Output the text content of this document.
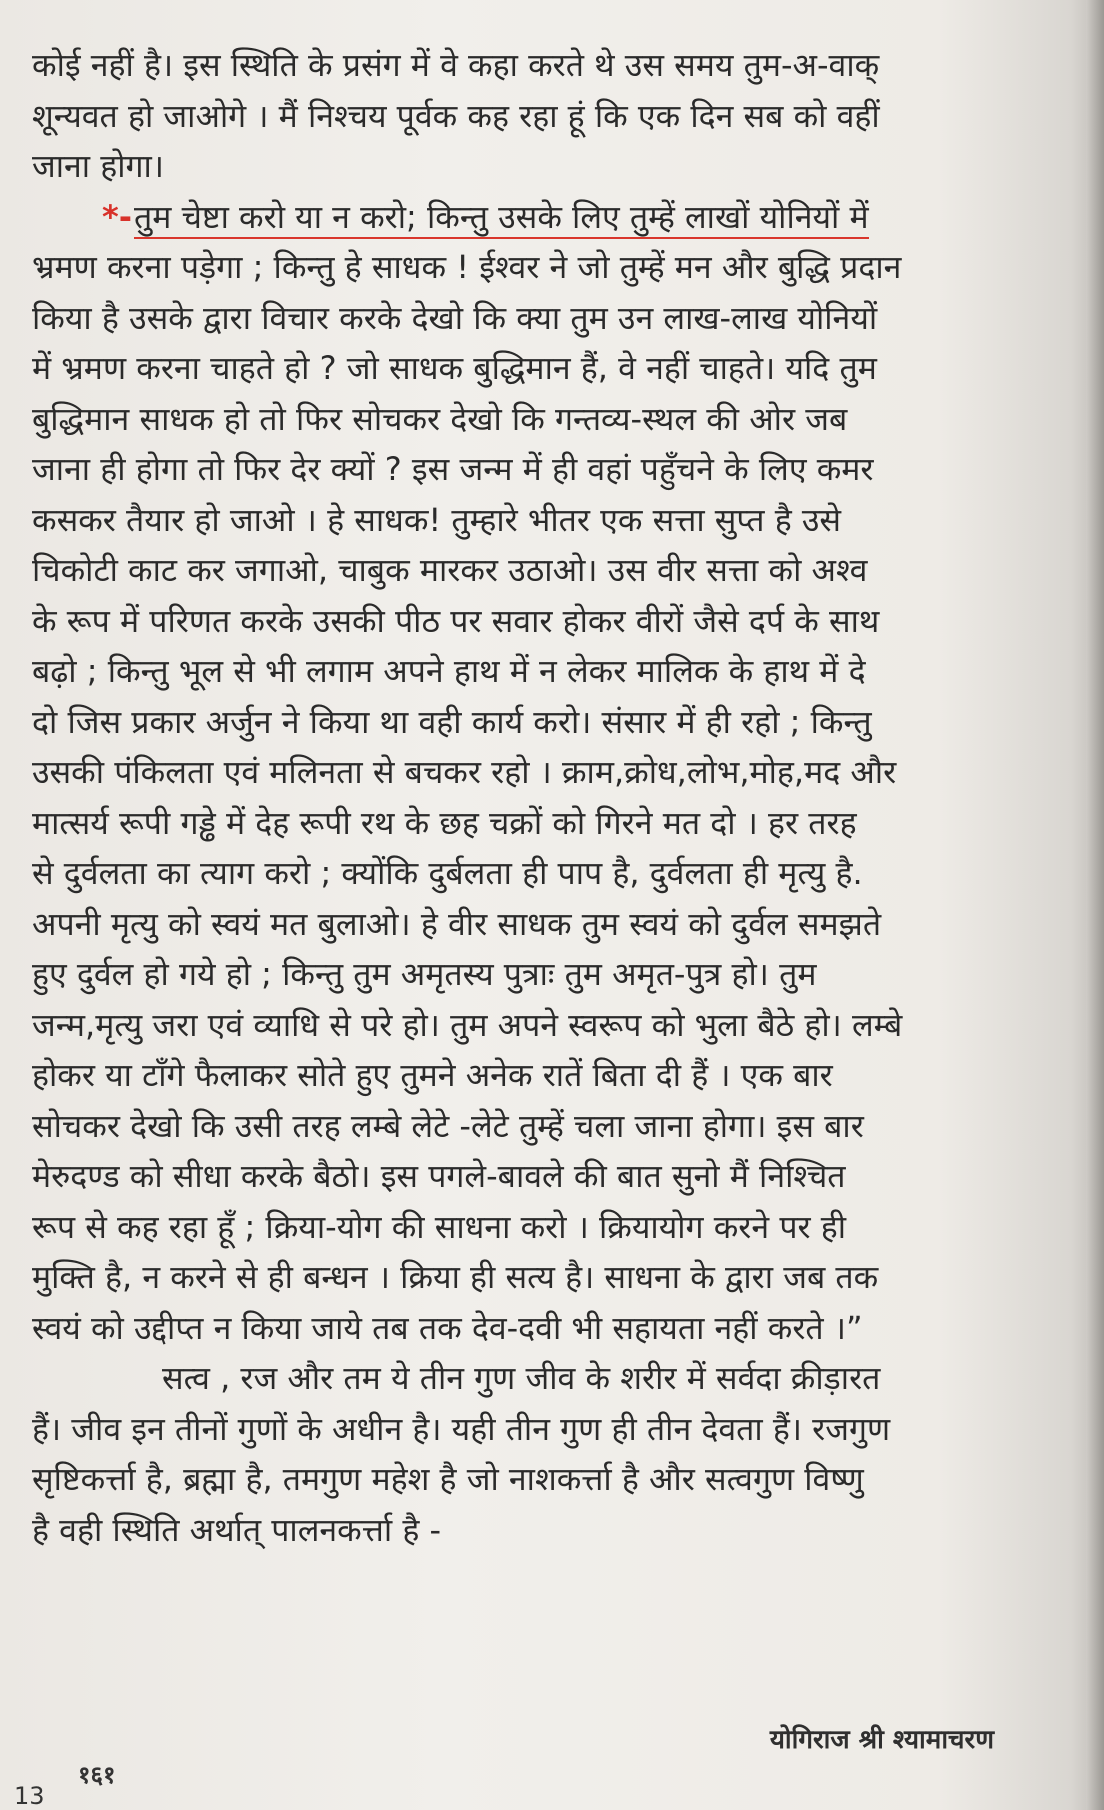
कोई नहीं है। इस स्थिति के प्रसंग में वे कहा करते थे उस समय तुम-अ-वाक्
शून्यवत हो जाओगे । मैं निश्चय पूर्वक कह रहा हूं कि एक दिन सब को वहीं
जाना होगा।
*-तुम चेष्टा करो या न करो; किन्तु उसके लिए तुम्हें लाखों योनियों में
भ्रमण करना पड़ेगा ; किन्तु हे साधक ! ईश्वर ने जो तुम्हें मन और बुद्धि प्रदान
किया है उसके द्वारा विचार करके देखो कि क्या तुम उन लाख-लाख योनियों
में भ्रमण करना चाहते हो ? जो साधक बुद्धिमान हैं, वे नहीं चाहते। यदि तुम
बुद्धिमान साधक हो तो फिर सोचकर देखो कि गन्तव्य-स्थल की ओर जब
जाना ही होगा तो फिर देर क्यों ? इस जन्म में ही वहां पहुँचने के लिए कमर
कसकर तैयार हो जाओ । हे साधक! तुम्हारे भीतर एक सत्ता सुप्त है उसे
चिकोटी काट कर जगाओ, चाबुक मारकर उठाओ। उस वीर सत्ता को अश्व
के रूप में परिणत करके उसकी पीठ पर सवार होकर वीरों जैसे दर्प के साथ
बढ़ो ; किन्तु भूल से भी लगाम अपने हाथ में न लेकर मालिक के हाथ में दे
दो जिस प्रकार अर्जुन ने किया था वही कार्य करो। संसार में ही रहो ; किन्तु
उसकी पंकिलता एवं मलिनता से बचकर रहो । क्राम,क्रोध,लोभ,मोह,मद और
मात्सर्य रूपी गड्ढे में देह रूपी रथ के छह चक्रों को गिरने मत दो । हर तरह
से दुर्वलता का त्याग करो ; क्योंकि दुर्बलता ही पाप है, दुर्वलता ही मृत्यु है.
अपनी मृत्यु को स्वयं मत बुलाओ। हे वीर साधक तुम स्वयं को दुर्वल समझते
हुए दुर्वल हो गये हो ; किन्तु तुम अमृतस्य पुत्राः तुम अमृत-पुत्र हो। तुम
जन्म,मृत्यु जरा एवं व्याधि से परे हो। तुम अपने स्वरूप को भुला बैठे हो। लम्बे
होकर या टाँगे फैलाकर सोते हुए तुमने अनेक रातें बिता दी हैं । एक बार
सोचकर देखो कि उसी तरह लम्बे लेटे -लेटे तुम्हें चला जाना होगा। इस बार
मेरुदण्ड को सीधा करके बैठो। इस पगले-बावले की बात सुनो मैं निश्चित
रूप से कह रहा हूँ ; क्रिया-योग की साधना करो । क्रियायोग करने पर ही
मुक्ति है, न करने से ही बन्धन । क्रिया ही सत्य है। साधना के द्वारा जब तक
स्वयं को उद्दीप्त न किया जाये तब तक देव-दवी भी सहायता नहीं करते ।”
सत्व , रज और तम ये तीन गुण जीव के शरीर में सर्वदा क्रीड़ारत
हैं। जीव इन तीनों गुणों के अधीन है। यही तीन गुण ही तीन देवता हैं। रजगुण
सृष्टिकर्त्ता है, ब्रह्मा है, तमगुण महेश है जो नाशकर्त्ता है और सत्वगुण विष्णु
है वही स्थिति अर्थात् पालनकर्त्ता है -
योगिराज श्री श्यामाचरण
१६१
13
